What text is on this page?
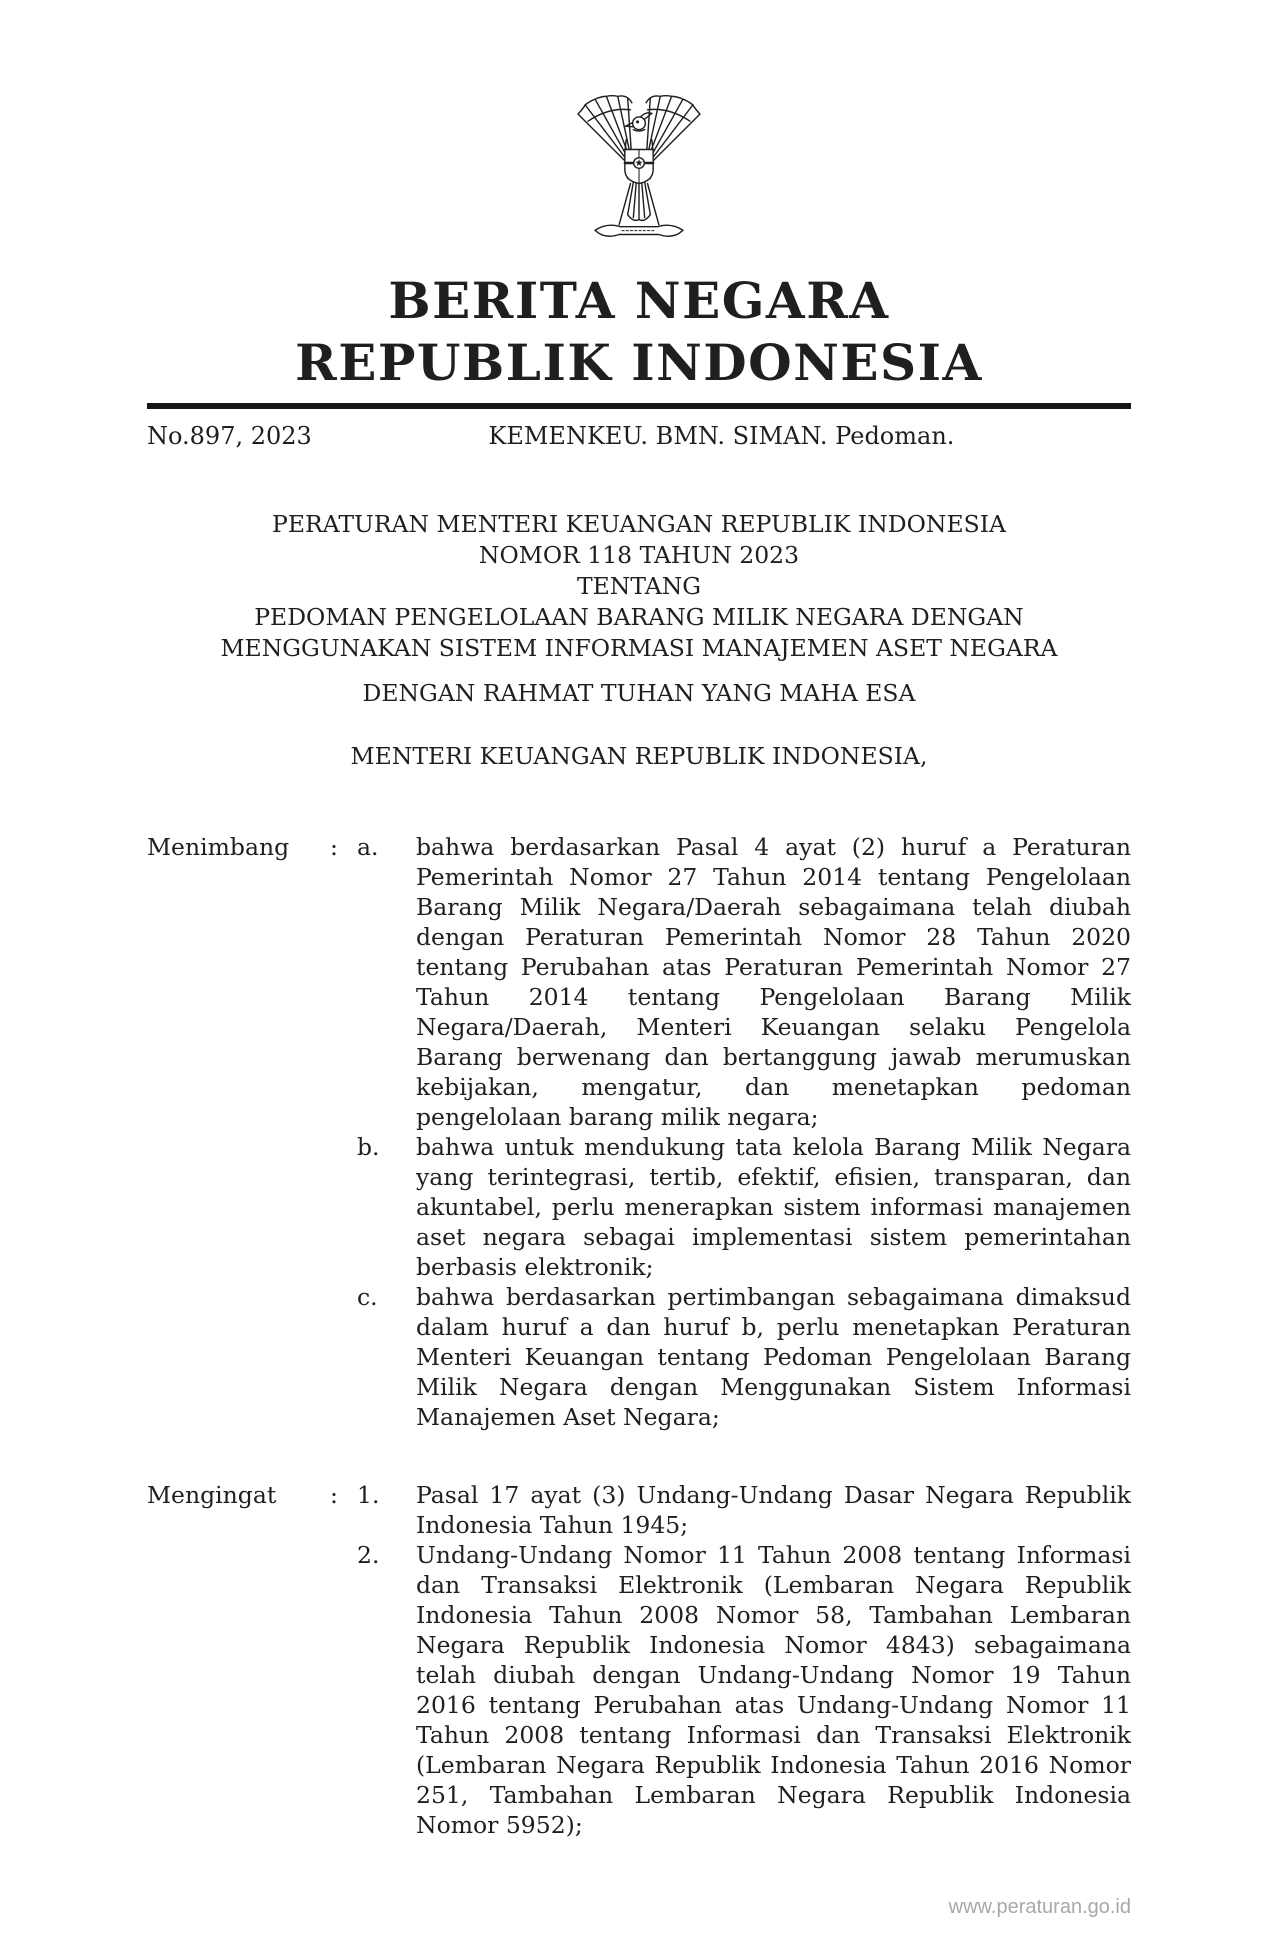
BERITA NEGARA
REPUBLIK INDONESIA
No.897, 2023	KEMENKEU. BMN. SIMAN. Pedoman.
PERATURAN MENTERI KEUANGAN REPUBLIK INDONESIA
NOMOR 118 TAHUN 2023
TENTANG
PEDOMAN PENGELOLAAN BARANG MILIK NEGARA DENGAN
MENGGUNAKAN SISTEM INFORMASI MANAJEMEN ASET NEGARA
DENGAN RAHMAT TUHAN YANG MAHA ESA
MENTERI KEUANGAN REPUBLIK INDONESIA,
Menimbang	: a.	bahwa berdasarkan Pasal 4 ayat (2) huruf a Peraturan Pemerintah Nomor 27 Tahun 2014 tentang Pengelolaan Barang Milik Negara/Daerah sebagaimana telah diubah dengan Peraturan Pemerintah Nomor 28 Tahun 2020 tentang Perubahan atas Peraturan Pemerintah Nomor 27 Tahun 2014 tentang Pengelolaan Barang Milik Negara/Daerah, Menteri Keuangan selaku Pengelola Barang berwenang dan bertanggung jawab merumuskan kebijakan, mengatur, dan menetapkan pedoman pengelolaan barang milik negara;
b.	bahwa untuk mendukung tata kelola Barang Milik Negara yang terintegrasi, tertib, efektif, efisien, transparan, dan akuntabel, perlu menerapkan sistem informasi manajemen aset negara sebagai implementasi sistem pemerintahan berbasis elektronik;
c.	bahwa berdasarkan pertimbangan sebagaimana dimaksud dalam huruf a dan huruf b, perlu menetapkan Peraturan Menteri Keuangan tentang Pedoman Pengelolaan Barang Milik Negara dengan Menggunakan Sistem Informasi Manajemen Aset Negara;
Mengingat	: 1.	Pasal 17 ayat (3) Undang-Undang Dasar Negara Republik Indonesia Tahun 1945;
2.	Undang-Undang Nomor 11 Tahun 2008 tentang Informasi dan Transaksi Elektronik (Lembaran Negara Republik Indonesia Tahun 2008 Nomor 58, Tambahan Lembaran Negara Republik Indonesia Nomor 4843) sebagaimana telah diubah dengan Undang-Undang Nomor 19 Tahun 2016 tentang Perubahan atas Undang-Undang Nomor 11 Tahun 2008 tentang Informasi dan Transaksi Elektronik (Lembaran Negara Republik Indonesia Tahun 2016 Nomor 251, Tambahan Lembaran Negara Republik Indonesia Nomor 5952);
www.peraturan.go.id
